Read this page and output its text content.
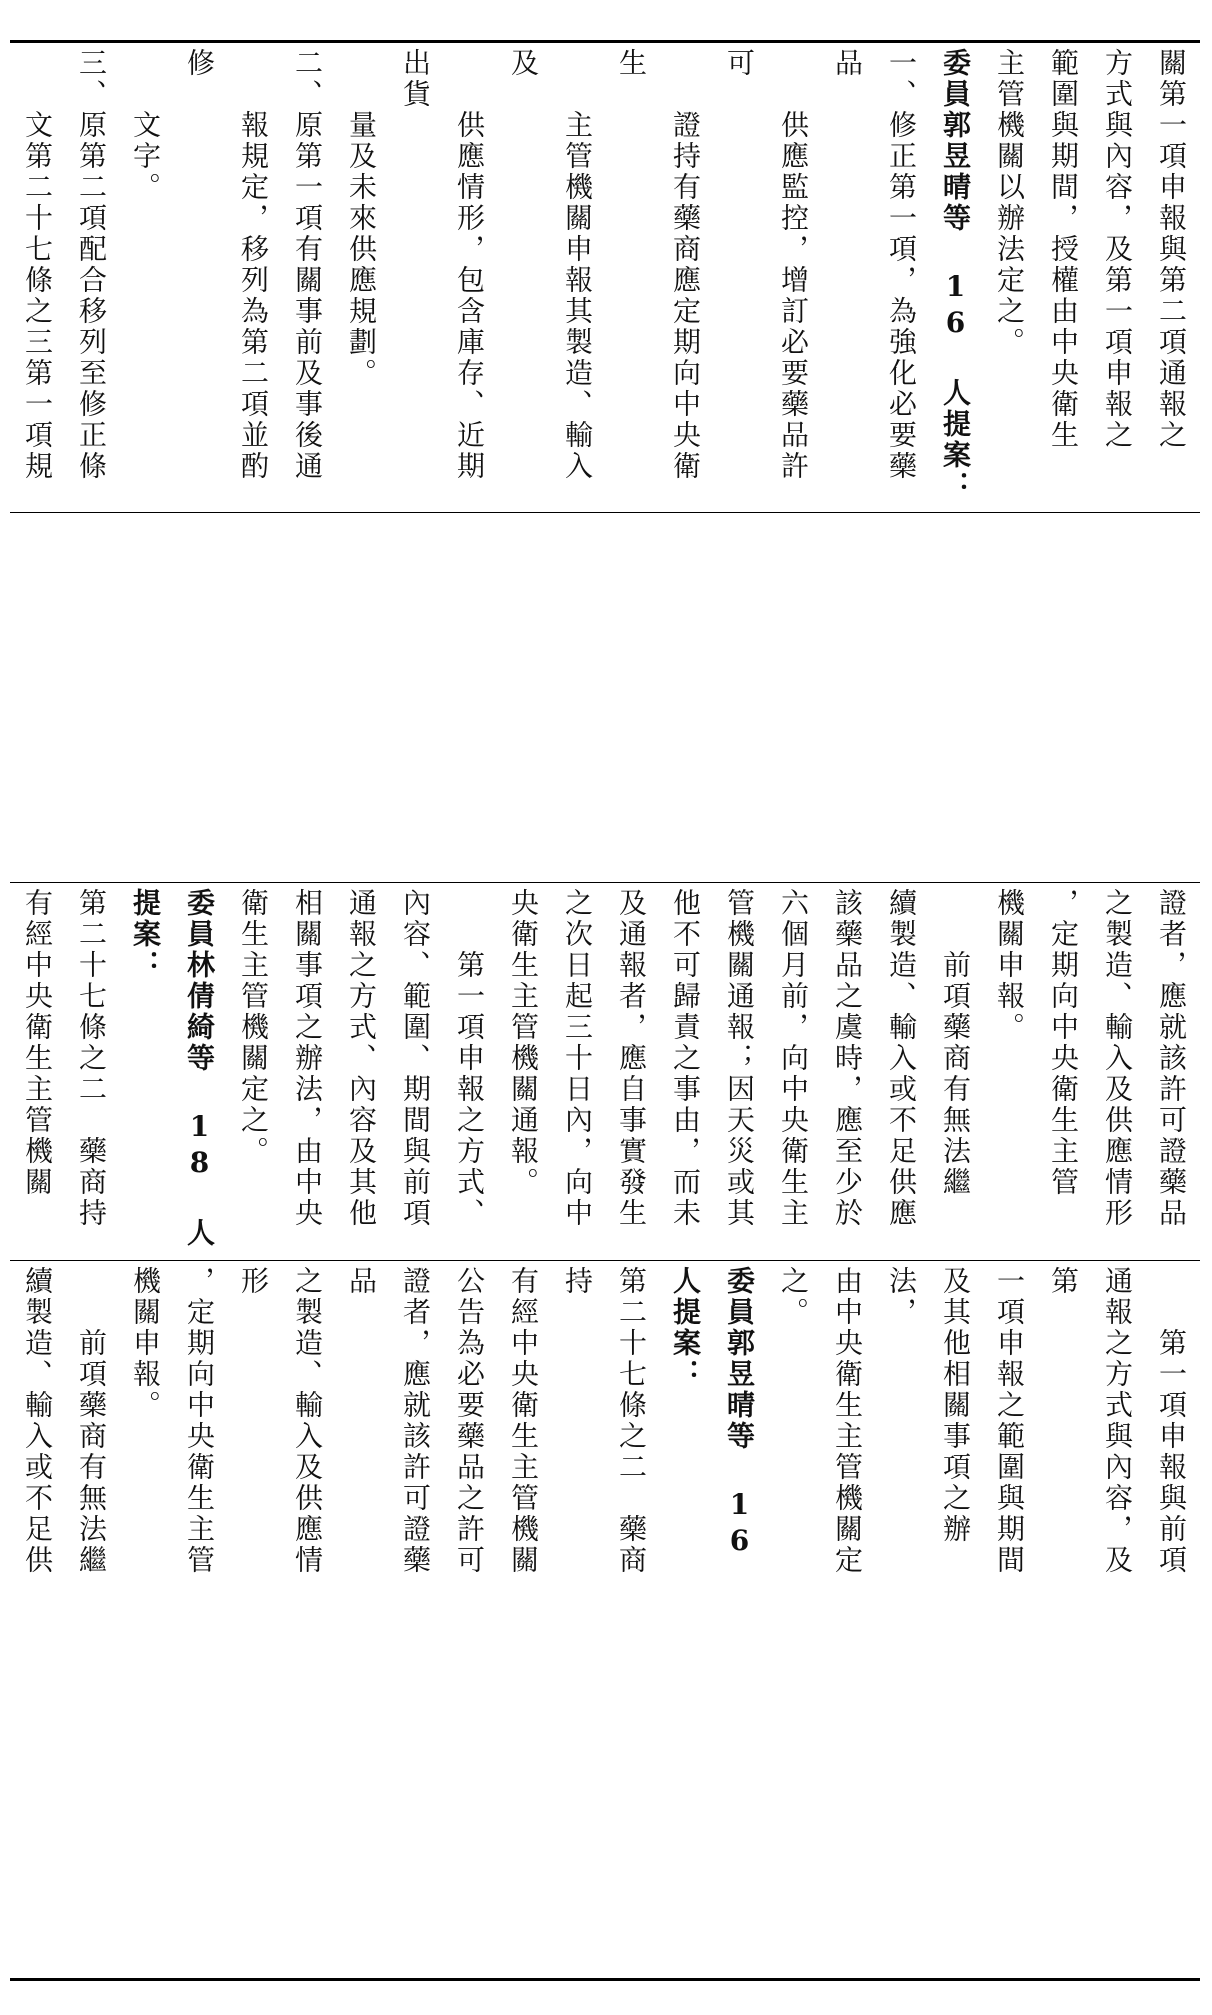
關第一項申報與第二項通報之

方式與內容，及第一項申報之

範圍與期間，授權由中央衛生

主管機關以辦法定之。

委員郭昱晴等 16 人提案：

一、修正第一項，為強化必要藥品

　　供應監控，增訂必要藥品許可

　　證持有藥商應定期向中央衛生

　　主管機關申報其製造、輸入及

　　供應情形，包含庫存、近期出貨

　　量及未來供應規劃。

二、原第一項有關事前及事後通

　　報規定，移列為第二項並酌修

　　文字。

三、原第二項配合移列至修正條

　　文第二十七條之三第一項規

證者，應就該許可證藥品

之製造、輸入及供應情形

，定期向中央衛生主管

機關申報。

　　前項藥商有無法繼

續製造、輸入或不足供應

該藥品之虞時，應至少於

六個月前，向中央衛生主

管機關通報；因天災或其

他不可歸責之事由，而未

及通報者，應自事實發生

之次日起三十日內，向中

央衛生主管機關通報。

　　第一項申報之方式、

內容、範圍、期間與前項

通報之方式、內容及其他

相關事項之辦法，由中央

衛生主管機關定之。

委員林倩綺等 18 人提案：

第二十七條之二　藥商持

有經中央衛生主管機關

　　第一項申報與前項

通報之方式與內容，及第

一項申報之範圍與期間

及其他相關事項之辦法，

由中央衛生主管機關定

之。

委員郭昱晴等 16 人提案：

第二十七條之二　藥商持

有經中央衛生主管機關

公告為必要藥品之許可

證者，應就該許可證藥品

之製造、輸入及供應情形

，定期向中央衛生主管

機關申報。

　　前項藥商有無法繼

續製造、輸入或不足供
